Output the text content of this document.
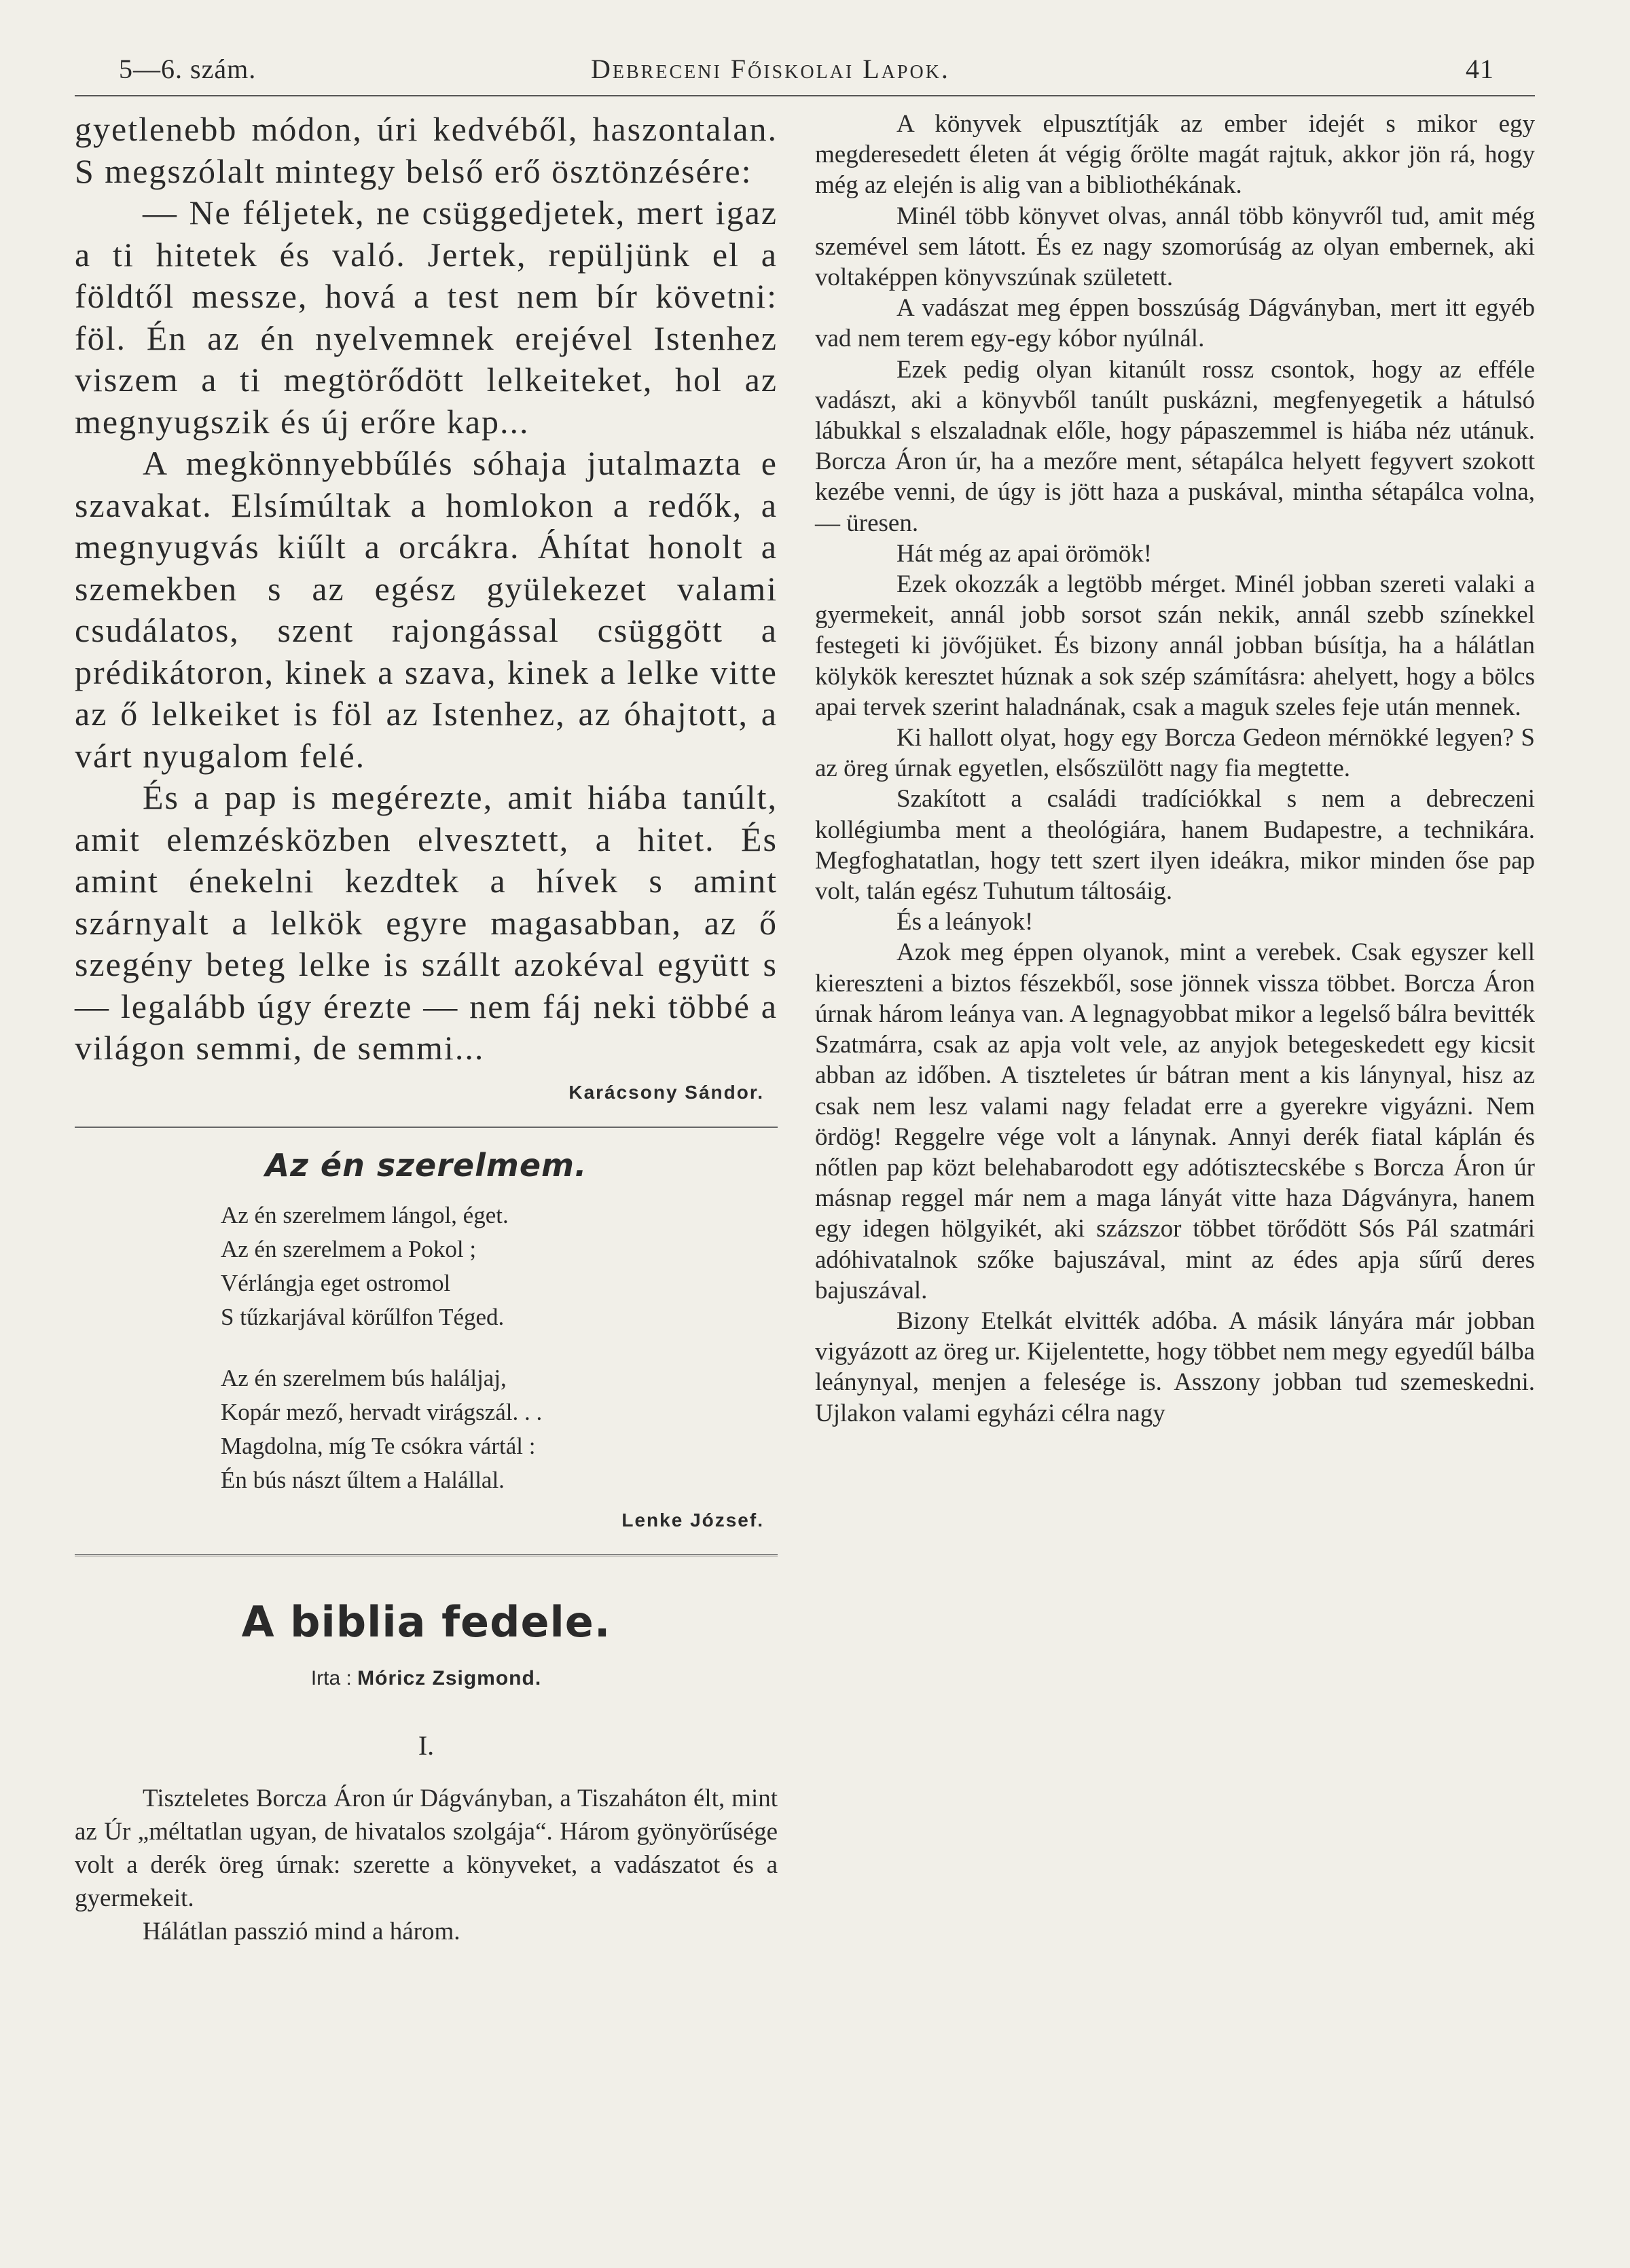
5—6. szám.	Debreceni Főiskolai Lapok.	41

gyetlenebb módon, úri kedvéből, haszontalan. S megszólalt mintegy belső erő ösztönzésére:

— Ne féljetek, ne csüggedjetek, mert igaz a ti hitetek és való. Jertek, repüljünk el a földtől messze, hová a test nem bír követni: föl. Én az én nyelvemnek erejével Istenhez viszem a ti megtörődött lelkeiteket, hol az megnyugszik és új erőre kap...

A megkönnyebbűlés sóhaja jutalmazta e szavakat. Elsímúltak a homlokon a redők, a megnyugvás kiűlt a orcákra. Áhítat honolt a szemekben s az egész gyülekezet valami csudálatos, szent rajongással csüggött a prédikátoron, kinek a szava, kinek a lelke vitte az ő lelkeiket is föl az Istenhez, az óhajtott, a várt nyugalom felé.

És a pap is megérezte, amit hiába tanúlt, amit elemzésközben elvesztett, a hitet. És amint énekelni kezdtek a hívek s amint szárnyalt a lelkök egyre magasabban, az ő szegény beteg lelke is szállt azokéval együtt s — legalább úgy érezte — nem fáj neki többé a világon semmi, de semmi...

Karácsony Sándor.
Az én szerelmem.
Az én szerelmem lángol, éget.
Az én szerelmem a Pokol ;
Vérlángja eget ostromol
S tűzkarjával körűlfon Téged.
Az én szerelmem bús haláljaj,
Kopár mező, hervadt virágszál. . .
Magdolna, míg Te csókra vártál :
Én bús nászt űltem a Halállal.
Lenke József.
A biblia fedele.
Irta : Móricz Zsigmond.
I.

Tiszteletes Borcza Áron úr Dágványban, a Tiszaháton élt, mint az Úr „méltatlan ugyan, de hivatalos szolgája“. Három gyönyörűsége volt a derék öreg úrnak: szerette a könyveket, a vadászatot és a gyermekeit.

Hálátlan passzió mind a három.

A könyvek elpusztítják az ember idejét s mikor egy megderesedett életen át végig őrölte magát rajtuk, akkor jön rá, hogy még az elején is alig van a bibliothékának.

Minél több könyvet olvas, annál több könyvről tud, amit még szemével sem látott. És ez nagy szomorúság az olyan embernek, aki voltaképpen könyvszúnak született.

A vadászat meg éppen bosszúság Dágványban, mert itt egyéb vad nem terem egy-egy kóbor nyúlnál.

Ezek pedig olyan kitanúlt rossz csontok, hogy az efféle vadászt, aki a könyvből tanúlt puskázni, megfenyegetik a hátulsó lábukkal s elszaladnak előle, hogy pápaszemmel is hiába néz utánuk. Borcza Áron úr, ha a mezőre ment, sétapálca helyett fegyvert szokott kezébe venni, de úgy is jött haza a puskával, mintha sétapálca volna, — üresen.

Hát még az apai örömök!

Ezek okozzák a legtöbb mérget. Minél jobban szereti valaki a gyermekeit, annál jobb sorsot szán nekik, annál szebb színekkel festegeti ki jövőjüket. És bizony annál jobban búsítja, ha a hálátlan kölykök keresztet húznak a sok szép számításra: ahelyett, hogy a bölcs apai tervek szerint haladnának, csak a maguk szeles feje után mennek.

Ki hallott olyat, hogy egy Borcza Gedeon mérnökké legyen? S az öreg úrnak egyetlen, elsőszülött nagy fia megtette.

Szakított a családi tradíciókkal s nem a debreczeni kollégiumba ment a theológiára, hanem Budapestre, a technikára. Megfoghatatlan, hogy tett szert ilyen ideákra, mikor minden őse pap volt, talán egész Tuhutum táltosáig.

És a leányok!

Azok meg éppen olyanok, mint a verebek. Csak egyszer kell kiereszteni a biztos fészekből, sose jönnek vissza többet. Borcza Áron úrnak három leánya van. A legnagyobbat mikor a legelső bálra bevitték Szatmárra, csak az apja volt vele, az anyjok betegeskedett egy kicsit abban az időben. A tiszteletes úr bátran ment a kis lánynyal, hisz az csak nem lesz valami nagy feladat erre a gyerekre vigyázni. Nem ördög! Reggelre vége volt a lánynak. Annyi derék fiatal káplán és nőtlen pap közt belehabarodott egy adótisztecskébe s Borcza Áron úr másnap reggel már nem a maga lányát vitte haza Dágványra, hanem egy idegen hölgyikét, aki százszor többet törődött Sós Pál szatmári adóhivatalnok szőke bajuszával, mint az édes apja sűrű deres bajuszával.

Bizony Etelkát elvitték adóba. A másik lányára már jobban vigyázott az öreg ur. Kijelentette, hogy többet nem megy egyedűl bálba leánynyal, menjen a felesége is. Asszony jobban tud szemeskedni. Ujlakon valami egyházi célra nagy
